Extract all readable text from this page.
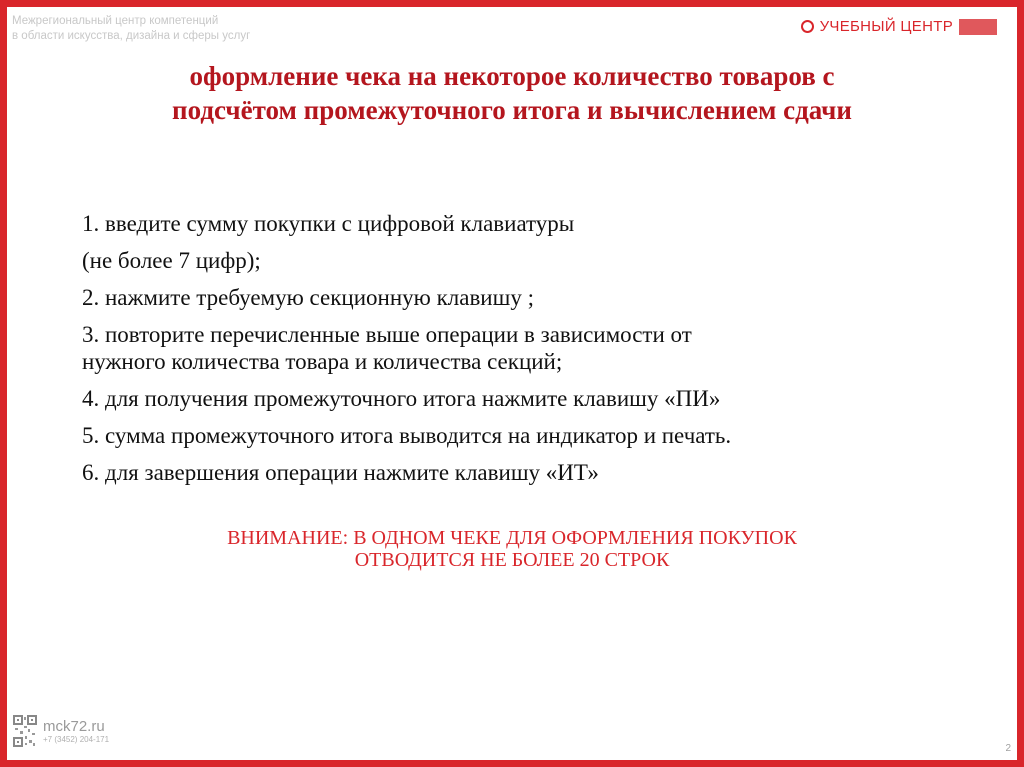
Межрегиональный центр компетенций
в области искусства, дизайна и сферы услуг
УЧЕБНЫЙ ЦЕНТР
оформление чека на некоторое количество товаров с
подсчётом промежуточного итога и вычислением сдачи
1. введите сумму покупки с цифровой клавиатуры
(не более 7 цифр);
2. нажмите требуемую секционную клавишу ;
3. повторите перечисленные выше операции в зависимости от
нужного количества товара и количества секций;
4. для получения промежуточного итога нажмите клавишу «ПИ»
5. сумма промежуточного итога выводится на индикатор и печать.
6. для завершения операции нажмите клавишу «ИТ»
ВНИМАНИЕ: В ОДНОМ ЧЕКЕ ДЛЯ ОФОРМЛЕНИЯ ПОКУПОК
ОТВОДИТСЯ НЕ БОЛЕЕ 20 СТРОК
mck72.ru
+7 (3452) 204-171
2
